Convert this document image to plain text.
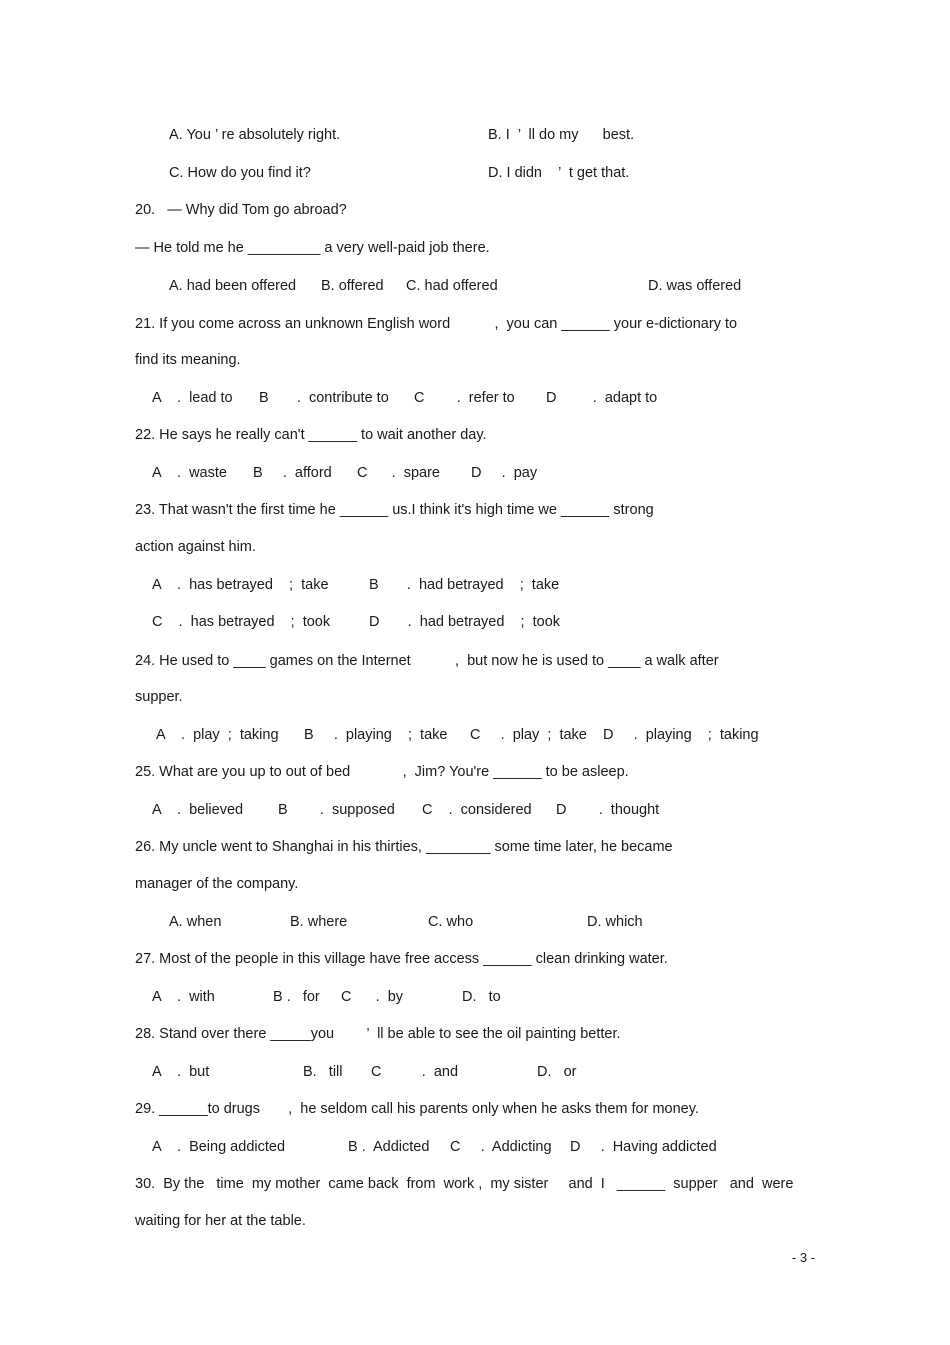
A. You ’ re absolutely right.	B. I  ’  ll do my      best.
C. How do you find it?	D. I didn    ’  t get that.
20.   — Why did Tom go abroad?
— He told me he _________ a very well-paid job there.
A. had been offered B. offered C. had offered	D. was offered
21. If you come across an unknown English word           ,  you can ______ your e-dictionary to
find its meaning.
A    .  lead to B       .  contribute to C        .  refer to D         .  adapt to
22. He says he really can't ______ to wait another day.
A    .  waste B     .  afford C      .  spare D     .  pay
23. That wasn't the first time he ______ us.I think it's high time we ______ strong
action against him.
A    .  has betrayed    ;  take	B       .  had betrayed    ;  take
C    .  has betrayed    ;  took	D       .  had betrayed    ;  took
24. He used to ____ games on the Internet           ,  but now he is used to ____ a walk after
supper.
A    .  play  ;  taking B     .  playing    ;  take C     .  play  ;  take D     .  playing    ;  taking
25. What are you up to out of bed             ,  Jim? You're ______ to be asleep.
A    .  believed B        .  supposed C    .  considered D        .  thought
26. My uncle went to Shanghai in his thirties, ________ some time later, he became
manager of the company.
A. when	B. where	C. who	D. which
27. Most of the people in this village have free access ______ clean drinking water.
A    .  with	B .   for C      .  by	D.   to
28. Stand over there _____you        ’  ll be able to see the oil painting better.
A    .  but	B.   till C          .  and	D.   or
29. ______to drugs       ,  he seldom call his parents only when he asks them for money.
A    .  Being addicted	B .  Addicted C     .  Addicting D     .  Having addicted
30.  By the   time  my mother  came back  from  work ,  my sister     and  I   ______  supper   and  were
waiting for her at the table.
- 3 -
